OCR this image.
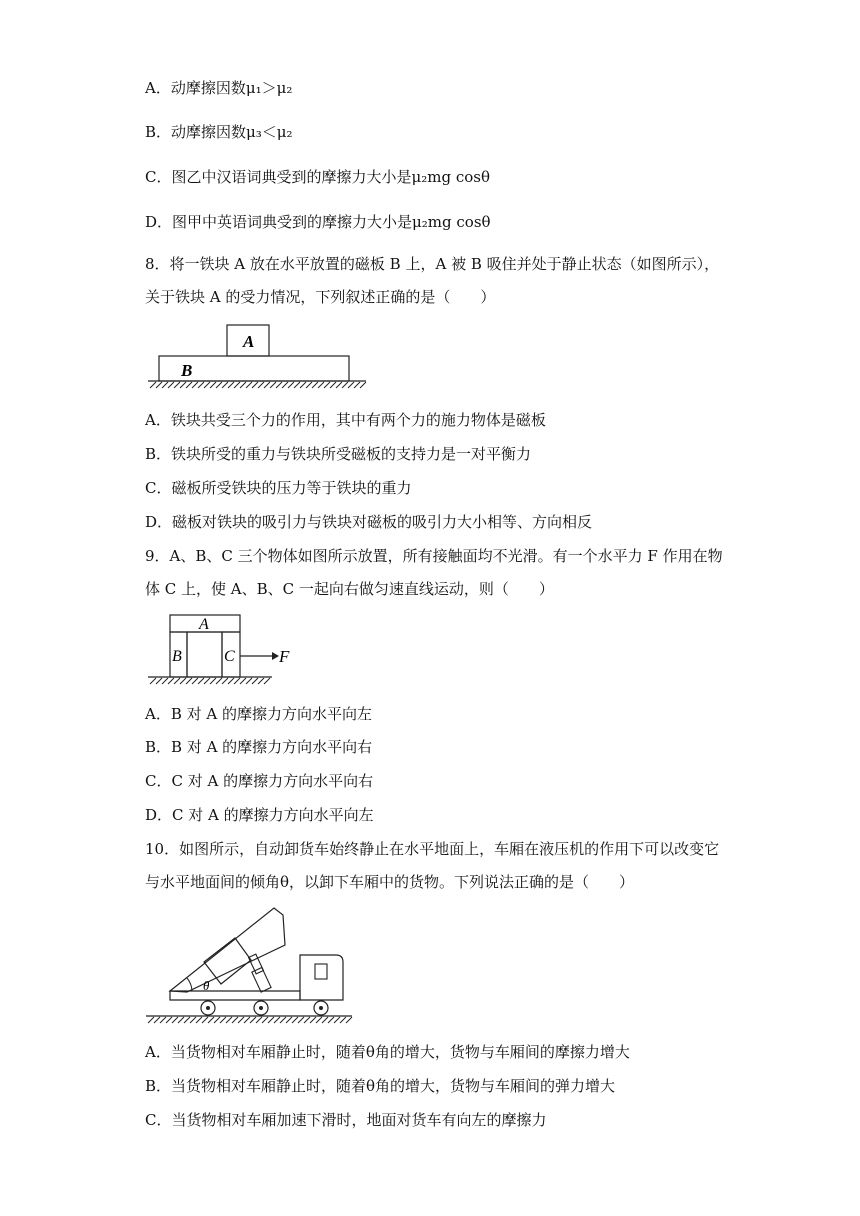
A．动摩擦因数μ₁＞μ₂
B．动摩擦因数μ₃＜μ₂
C．图乙中汉语词典受到的摩擦力大小是μ₂mg cosθ
D．图甲中英语词典受到的摩擦力大小是μ₂mg cosθ
8．将一铁块 A 放在水平放置的磁板 B 上，A 被 B 吸住并处于静止状态（如图所示），
关于铁块 A 的受力情况，下列叙述正确的是（　　）
A
B
A．铁块共受三个力的作用，其中有两个力的施力物体是磁板
B．铁块所受的重力与铁块所受磁板的支持力是一对平衡力
C．磁板所受铁块的压力等于铁块的重力
D．磁板对铁块的吸引力与铁块对磁板的吸引力大小相等、方向相反
9．A、B、C 三个物体如图所示放置，所有接触面均不光滑。有一个水平力 F 作用在物
体 C 上，使 A、B、C 一起向右做匀速直线运动，则（　　）
A
B	C	F
A．B 对 A 的摩擦力方向水平向左
B．B 对 A 的摩擦力方向水平向右
C．C 对 A 的摩擦力方向水平向右
D．C 对 A 的摩擦力方向水平向左
10．如图所示，自动卸货车始终静止在水平地面上，车厢在液压机的作用下可以改变它
与水平地面间的倾角θ，以卸下车厢中的货物。下列说法正确的是（　　）
θ
A．当货物相对车厢静止时，随着θ角的增大，货物与车厢间的摩擦力增大
B．当货物相对车厢静止时，随着θ角的增大，货物与车厢间的弹力增大
C．当货物相对车厢加速下滑时，地面对货车有向左的摩擦力
